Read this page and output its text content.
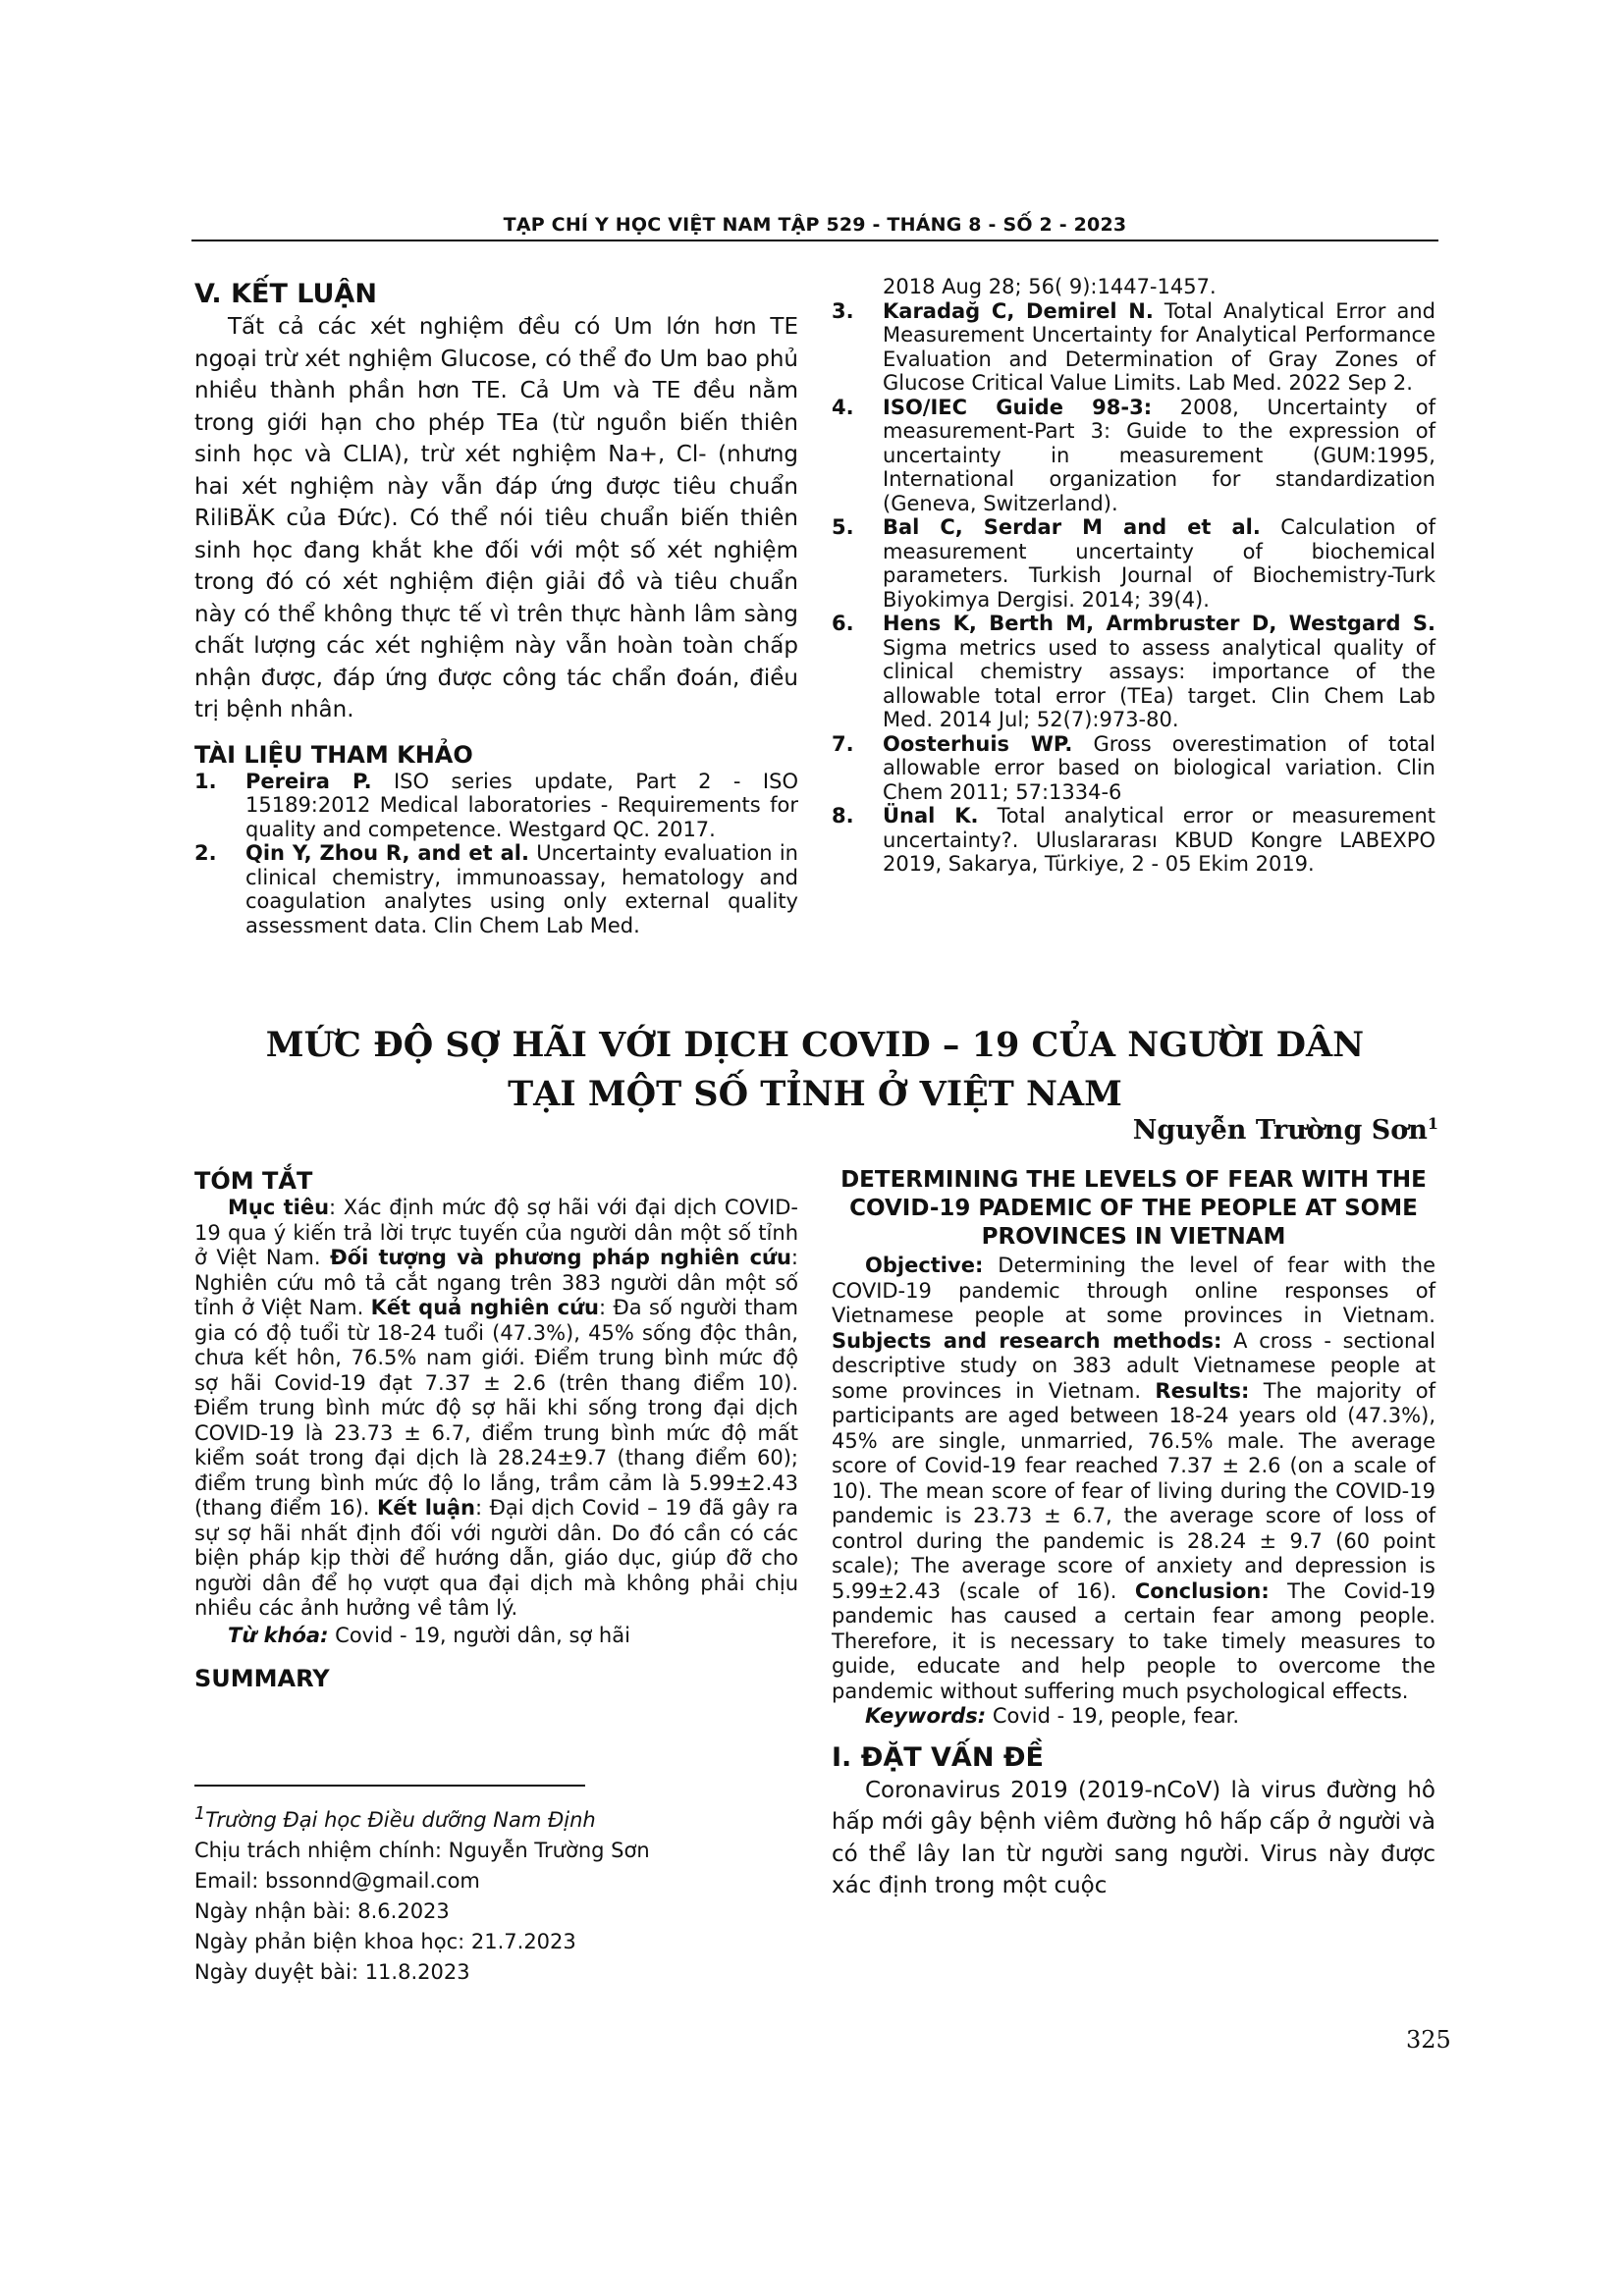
TẠP CHÍ Y HỌC VIỆT NAM TẬP 529 - THÁNG 8 - SỐ 2 - 2023
V. KẾT LUẬN

Tất cả các xét nghiệm đều có Um lớn hơn TE ngoại trừ xét nghiệm Glucose, có thể đo Um bao phủ nhiều thành phần hơn TE. Cả Um và TE đều nằm trong giới hạn cho phép TEa (từ nguồn biến thiên sinh học và CLIA), trừ xét nghiệm Na+, Cl- (nhưng hai xét nghiệm này vẫn đáp ứng được tiêu chuẩn RiliBÄK của Đức). Có thể nói tiêu chuẩn biến thiên sinh học đang khắt khe đối với một số xét nghiệm trong đó có xét nghiệm điện giải đồ và tiêu chuẩn này có thể không thực tế vì trên thực hành lâm sàng chất lượng các xét nghiệm này vẫn hoàn toàn chấp nhận được, đáp ứng được công tác chẩn đoán, điều trị bệnh nhân.

TÀI LIỆU THAM KHẢO

1. Pereira P. ISO series update, Part 2 - ISO 15189:2012 Medical laboratories - Requirements for quality and competence. Westgard QC. 2017.

2. Qin Y, Zhou R, and et al. Uncertainty evaluation in clinical chemistry, immunoassay, hematology and coagulation analytes using only external quality assessment data. Clin Chem Lab Med.

2018 Aug 28; 56( 9):1447-1457.

3. Karadağ C, Demirel N. Total Analytical Error and Measurement Uncertainty for Analytical Performance Evaluation and Determination of Gray Zones of Glucose Critical Value Limits. Lab Med. 2022 Sep 2.

4. ISO/IEC Guide 98-3: 2008, Uncertainty of measurement-Part 3: Guide to the expression of uncertainty in measurement (GUM:1995, International organization for standardization (Geneva, Switzerland).

5. Bal C, Serdar M and et al. Calculation of measurement uncertainty of biochemical parameters. Turkish Journal of Biochemistry-Turk Biyokimya Dergisi. 2014; 39(4).

6. Hens K, Berth M, Armbruster D, Westgard S. Sigma metrics used to assess analytical quality of clinical chemistry assays: importance of the allowable total error (TEa) target. Clin Chem Lab Med. 2014 Jul; 52(7):973-80.

7. Oosterhuis WP. Gross overestimation of total allowable error based on biological variation. Clin Chem 2011; 57:1334-6

8. Ünal K. Total analytical error or measurement uncertainty?. Uluslararası KBUD Kongre LABEXPO 2019, Sakarya, Türkiye, 2 - 05 Ekim 2019.

MỨC ĐỘ SỢ HÃI VỚI DỊCH COVID – 19 CỦA NGƯỜI DÂN
TẠI MỘT SỐ TỈNH Ở VIỆT NAM
Nguyễn Trường Sơn$^1$
TÓM TẮT

Mục tiêu: Xác định mức độ sợ hãi với đại dịch COVID-19 qua ý kiến trả lời trực tuyến của người dân một số tỉnh ở Việt Nam. Đối tượng và phương pháp nghiên cứu: Nghiên cứu mô tả cắt ngang trên 383 người dân một số tỉnh ở Việt Nam. Kết quả nghiên cứu: Đa số người tham gia có độ tuổi từ 18-24 tuổi (47.3%), 45% sống độc thân, chưa kết hôn, 76.5% nam giới. Điểm trung bình mức độ sợ hãi Covid-19 đạt 7.37 ± 2.6 (trên thang điểm 10). Điểm trung bình mức độ sợ hãi khi sống trong đại dịch COVID-19 là 23.73 ± 6.7, điểm trung bình mức độ mất kiểm soát trong đại dịch là 28.24±9.7 (thang điểm 60); điểm trung bình mức độ lo lắng, trầm cảm là 5.99±2.43 (thang điểm 16). Kết luận: Đại dịch Covid – 19 đã gây ra sự sợ hãi nhất định đối với người dân. Do đó cần có các biện pháp kịp thời để hướng dẫn, giáo dục, giúp đỡ cho người dân để họ vượt qua đại dịch mà không phải chịu nhiều các ảnh hưởng về tâm lý.

Từ khóa: Covid - 19, người dân, sợ hãi

SUMMARY
$^1$Trường Đại học Điều dưỡng Nam Định
Chịu trách nhiệm chính: Nguyễn Trường Sơn
Email: bssonnd@gmail.com
Ngày nhận bài: 8.6.2023
Ngày phản biện khoa học: 21.7.2023
Ngày duyệt bài: 11.8.2023

DETERMINING THE LEVELS OF FEAR WITH THE COVID-19 PADEMIC OF THE PEOPLE AT SOME PROVINCES IN VIETNAM

Objective: Determining the level of fear with the COVID-19 pandemic through online responses of Vietnamese people at some provinces in Vietnam. Subjects and research methods: A cross - sectional descriptive study on 383 adult Vietnamese people at some provinces in Vietnam. Results: The majority of participants are aged between 18-24 years old (47.3%), 45% are single, unmarried, 76.5% male. The average score of Covid-19 fear reached 7.37 ± 2.6 (on a scale of 10). The mean score of fear of living during the COVID-19 pandemic is 23.73 ± 6.7, the average score of loss of control during the pandemic is 28.24 ± 9.7 (60 point scale); The average score of anxiety and depression is 5.99±2.43 (scale of 16). Conclusion: The Covid-19 pandemic has caused a certain fear among people. Therefore, it is necessary to take timely measures to guide, educate and help people to overcome the pandemic without suffering much psychological effects.

Keywords: Covid - 19, people, fear.

I. ĐẶT VẤN ĐỀ

Coronavirus 2019 (2019-nCoV) là virus đường hô hấp mới gây bệnh viêm đường hô hấp cấp ở người và có thể lây lan từ người sang người. Virus này được xác định trong một cuộc

325
